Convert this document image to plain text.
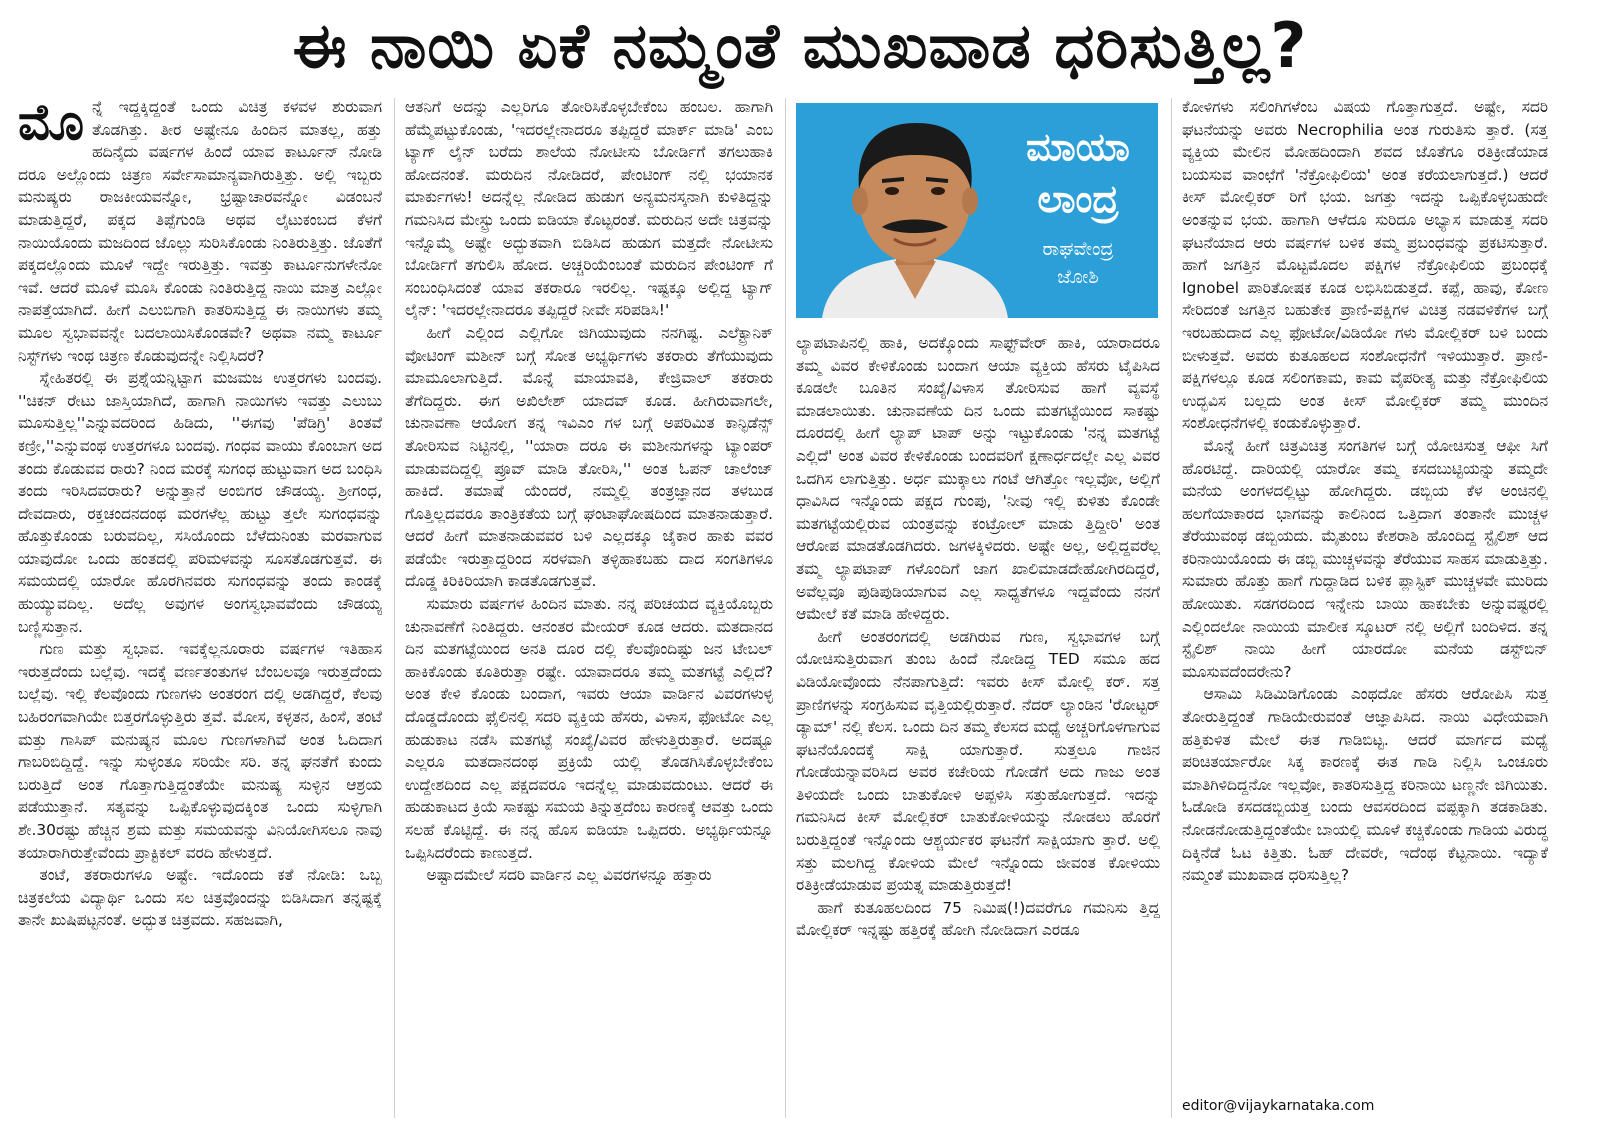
ಈ ನಾಯಿ ಏಕೆ ನಮ್ಮಂತೆ ಮುಖವಾಡ ಧರಿಸುತ್ತಿಲ್ಲ?

ಮೊನ್ನೆ ಇದ್ದಕ್ಕಿದ್ದಂತೆ ಒಂದು ವಿಚಿತ್ರ ಕಳವಳ ಶುರುವಾಗ ತೊಡಗಿತ್ತು. ತೀರ ಅಷ್ಟೇನೂ ಹಿಂದಿನ ಮಾತಲ್ಲ, ಹತ್ತು ಹದಿನೈದು ವರ್ಷಗಳ ಹಿಂದೆ ಯಾವ ಕಾರ್ಟೂನ್ ನೋಡಿ ದರೂ ಅಲ್ಲೊಂದು ಚಿತ್ರಣ ಸರ್ವೇಸಾಮಾನ್ಯವಾಗಿರುತ್ತಿತ್ತು. ಅಲ್ಲಿ ಇಬ್ಬರು ಮನುಷ್ಯರು ರಾಜಕೀಯವನ್ನೋ, ಭ್ರಷ್ಟಾಚಾರವನ್ನೋ ವಿಡಂಬನೆ ಮಾಡುತ್ತಿದ್ದರೆ, ಪಕ್ಕದ ತಿಪ್ಪೆಗುಂಡಿ ಅಥವ ಲೈಟುಕಂಬದ ಕೆಳಗೆ ನಾಯಿಯೊಂದು ಮಜದಿಂದ ಜೊಲ್ಲು ಸುರಿಸಿಕೊಂಡು ನಿಂತಿರುತ್ತಿತ್ತು. ಜೊತೆಗೆ ಪಕ್ಕದಲ್ಲೊಂದು ಮೂಳೆ ಇದ್ದೇ ಇರುತ್ತಿತ್ತು. ಇವತ್ತು ಕಾರ್ಟೂನುಗಳೇನೋ ಇವೆ. ಆದರೆ ಮೂಳೆ ಮೂಸಿ ಕೊಂಡು ನಿಂತಿರುತ್ತಿದ್ದ ನಾಯಿ ಮಾತ್ರ ಎಲ್ಲೋ ನಾಪತ್ತೆಯಾಗಿದೆ. ಹೀಗೆ ಎಲುಬಿಗಾಗಿ ಕಾತರಿಸುತ್ತಿದ್ದ ಈ ನಾಯಿಗಳು ತಮ್ಮ ಮೂಲ ಸ್ವಭಾವವನ್ನೇ ಬದಲಾಯಿಸಿಕೊಂಡವೇ? ಅಥವಾ ನಮ್ಮ ಕಾರ್ಟೂ ನಿಸ್ಟ್‌ಗಳು ಇಂಥ ಚಿತ್ರಣ ಕೊಡುವುದನ್ನೇ ನಿಲ್ಲಿಸಿದರೆ?

ಸ್ನೇಹಿತರಲ್ಲಿ ಈ ಪ್ರಶ್ನೆಯನ್ನಿಟ್ಟಾಗ ಮಜಮಜ ಉತ್ತರಗಳು ಬಂದವು. ''ಚಿಕನ್ ರೇಟು ಜಾಸ್ತಿಯಾಗಿದೆ, ಹಾಗಾಗಿ ನಾಯಿಗಳು ಇವತ್ತು ಎಲುಬು ಮೂಸುತ್ತಿಲ್ಲ''ಎನ್ನುವದರಿಂದ ಹಿಡಿದು, ''ಈಗವು 'ಪೆಡಿಗ್ರಿ' ತಿಂತವೆ ಕಣ್ರೀ,''ಎನ್ನುವಂಥ ಉತ್ತರಗಳೂ ಬಂದವು. ಗಂಧವ ವಾಯು ಕೊಂಬಾಗ ಅದ ತಂದು ಕೊಡುವವ ರಾರು? ನಿಂದ ಮರಕ್ಕೆ ಸುಗಂಧ ಹುಟ್ಟುವಾಗ ಅದ ಬಂಧಿಸಿ ತಂದು ಇರಿಸಿದವರಾರು? ಅನ್ನುತ್ತಾನೆ ಅಂಬಿಗರ ಚೌಡಯ್ಯ. ಶ್ರೀಗಂಧ, ದೇವದಾರು, ರಕ್ತಚಂದನದಂಥ ಮರಗಳೆಲ್ಲ ಹುಟ್ಟು ತ್ತಲೇ ಸುಗಂಧವನ್ನು ಹೊತ್ತುಕೊಂಡು ಬರುವದಿಲ್ಲ, ಸಸಿಯೊಂದು ಬೆಳೆದುನಿಂತು ಮರವಾಗುವ ಯಾವುದೋ ಒಂದು ಹಂತದಲ್ಲಿ ಪರಿಮಳವನ್ನು ಸೂಸತೊಡಗುತ್ತವೆ. ಈ ಸಮಯದಲ್ಲಿ ಯಾರೋ ಹೊರಗಿನವರು ಸುಗಂಧವನ್ನು ತಂದು ಕಾಂಡಕ್ಕೆ ಹುಯ್ಯುವದಿಲ್ಲ. ಅದೆಲ್ಲ ಅವುಗಳ ಅಂಗಸ್ವಭಾವವೆಂದು ಚೌಡಯ್ಯ ಬಣ್ಣಿಸುತ್ತಾನ.

ಗುಣ ಮತ್ತು ಸ್ವಭಾವ. ಇವಕ್ಕೆಲ್ಲನೂರಾರು ವರ್ಷಗಳ ಇತಿಹಾಸ ಇರುತ್ತದೆಂದು ಬಲ್ಲೆವು. ಇದಕ್ಕೆ ವರ್ಣತಂತುಗಳ ಬೆಂಬಲವೂ ಇರುತ್ತದೆಂದು ಬಲ್ಲೆವು. ಇಲ್ಲಿ ಕೆಲವೊಂದು ಗುಣಗಳು ಅಂತರಂಗ ದಲ್ಲಿ ಅಡಗಿದ್ದರೆ, ಕೆಲವು ಬಹಿರಂಗವಾಗಿಯೇ ಬಿತ್ತರಗೊಳ್ಳುತ್ತಿರು ತ್ತವೆ. ಮೋಸ, ಕಳ್ಳತನ, ಹಿಂಸೆ, ತಂಟೆ ಮತ್ತು ಗಾಸಿಪ್ ಮನುಷ್ಯನ ಮೂಲ ಗುಣಗಳಾಗಿವೆ ಅಂತ ಓದಿದಾಗ ಗಾಬರಿಬಿದ್ದಿದ್ದೆ. ಇನ್ನು ಸುಳ್ಳಂತೂ ಸರಿಯೇ ಸರಿ. ತನ್ನ ಘನತೆಗೆ ಕುಂದು ಬರುತ್ತಿದೆ ಅಂತ ಗೊತ್ತಾಗುತ್ತಿದ್ದಂತೆಯೇ ಮನುಷ್ಯ ಸುಳ್ಳಿನ ಆಶ್ರಯ ಪಡೆಯುತ್ತಾನೆ. ಸತ್ಯವನ್ನು ಒಪ್ಪಿಕೊಳ್ಳುವುದಕ್ಕಿಂತ ಒಂದು ಸುಳ್ಳಿಗಾಗಿ ಶೇ.30ರಷ್ಟು ಹೆಚ್ಚಿನ ಶ್ರಮ ಮತ್ತು ಸಮಯವನ್ನು ವಿನಿಯೋಗಿಸಲೂ ನಾವು ತಯಾರಾಗಿರುತ್ತೇವೆಂದು ಪ್ರಾಕ್ಟಿಕಲ್ ವರದಿ ಹೇಳುತ್ತದೆ.

ತಂಟೆ, ತಕರಾರುಗಳೂ ಅಷ್ಟೇ. ಇದೊಂದು ಕತೆ ನೋಡಿ: ಒಬ್ಬ ಚಿತ್ರಕಲೆಯ ವಿದ್ಯಾರ್ಥಿ ಒಂದು ಸಲ ಚಿತ್ರವೊಂದನ್ನು ಬಿಡಿಸಿದಾಗ ತನ್ನಷ್ಟಕ್ಕೆ ತಾನೇ ಖುಷಿಪಟ್ಟನಂತೆ. ಅದ್ಭುತ ಚಿತ್ರವದು. ಸಹಜವಾಗಿ,

ಆತನಿಗೆ ಅದನ್ನು ಎಲ್ಲರಿಗೂ ತೋರಿಸಿಕೊಳ್ಳಬೇಕೆಂಬ ಹಂಬಲ. ಹಾಗಾಗಿ ಹೆಮ್ಮೆಪಟ್ಟುಕೊಂಡು, 'ಇದರಲ್ಲೇನಾದರೂ ತಪ್ಪಿದ್ದರೆ ಮಾರ್ಕ್ ಮಾಡಿ' ಎಂಬ ಟ್ಯಾಗ್ ಲೈನ್ ಬರೆದು ಶಾಲೆಯ ನೋಟೀಸು ಬೋರ್ಡಿಗೆ ತಗಲುಹಾಕಿ ಹೋದನಂತೆ. ಮರುದಿನ ನೋಡಿದರೆ, ಪೇಂಟಿಂಗ್ ನಲ್ಲಿ ಭಯಾನಕ ಮಾರ್ಕುಗಳು! ಅದನ್ನೆಲ್ಲ ನೋಡಿದ ಹುಡುಗ ಅನ್ಯಮನಸ್ಕನಾಗಿ ಕುಳಿತಿದ್ದನ್ನು ಗಮನಿಸಿದ ಮೇಸ್ಟ್ರು ಒಂದು ಐಡಿಯಾ ಕೊಟ್ಟರಂತೆ. ಮರುದಿನ ಅದೇ ಚಿತ್ರವನ್ನು ಇನ್ನೊಮ್ಮೆ ಅಷ್ಟೇ ಅದ್ಭುತವಾಗಿ ಬಿಡಿಸಿದ ಹುಡುಗ ಮತ್ತದೇ ನೋಟೀಸು ಬೋರ್ಡಿಗೆ ತಗುಲಿಸಿ ಹೋದ. ಅಚ್ಚರಿಯೆಂಬಂತೆ ಮರುದಿನ ಪೇಂಟಿಂಗ್ ಗೆ ಸಂಬಂಧಿಸಿದಂತೆ ಯಾವ ತಕರಾರೂ ಇರಲಿಲ್ಲ. ಇಷ್ಟಕ್ಕೂ ಅಲ್ಲಿದ್ದ ಟ್ಯಾಗ್ ಲೈನ್: 'ಇದರಲ್ಲೇನಾದರೂ ತಪ್ಪಿದ್ದರೆ ನೀವೇ ಸರಿಪಡಿಸಿ!'

ಹೀಗೆ ಎಲ್ಲಿಂದ ಎಲ್ಲಿಗೋ ಜಿಗಿಯುವುದು ನನಗಿಷ್ಟ. ಎಲೆಕ್ಟ್ರಾನಿಕ್ ವೋಟಿಂಗ್ ಮಶೀನ್ ಬಗ್ಗೆ ಸೋತ ಅಭ್ಯರ್ಥಿಗಳು ತಕರಾರು ತೆಗೆಯುವುದು ಮಾಮೂಲಾಗುತ್ತಿದೆ. ಮೊನ್ನೆ ಮಾಯಾವತಿ, ಕೇಜ್ರಿವಾಲ್ ತಕರಾರು ತೆಗೆದಿದ್ದರು. ಈಗ ಅಖಿಲೇಶ್ ಯಾದವ್ ಕೂಡ. ಹೀಗಿರುವಾಗಲೇ, ಚುನಾವಣಾ ಆಯೋಗ ತನ್ನ ಇವಿಎಂ ಗಳ ಬಗ್ಗೆ ಅಪರಿಮಿತ ಕಾನ್ಫಿಡೆನ್ಸ್ ತೋರಿಸುವ ನಿಟ್ಟಿನಲ್ಲಿ, ''ಯಾರಾ ದರೂ ಈ ಮಶೀನುಗಳನ್ನು ಟ್ಯಾಂಪರ್ ಮಾಡುವದಿದ್ದಲ್ಲಿ ಪ್ರೂವ್ ಮಾಡಿ ತೋರಿಸಿ,'' ಅಂತ ಓಪನ್ ಚಾಲೆಂಜ್ ಹಾಕಿದೆ. ತಮಾಷೆ ಯೆಂದರೆ, ನಮ್ಮಲ್ಲಿ ತಂತ್ರಜ್ಞಾನದ ತಳಬುಡ ಗೊತ್ತಿಲ್ಲದವರೂ ತಾಂತ್ರಿಕತೆಯ ಬಗ್ಗೆ ಘಂಟಾಘೋಷದಿಂದ ಮಾತನಾಡುತ್ತಾರೆ. ಆದರೆ ಹೀಗೆ ಮಾತನಾಡುವವರ ಬಳಿ ಎಲ್ಲದಕ್ಕೂ ಜೈಕಾರ ಹಾಕು ವವರ ಪಡೆಯೇ ಇರುತ್ತಾದ್ದರಿಂದ ಸರಳವಾಗಿ ತಳ್ಳಿಹಾಕಬಹು ದಾದ ಸಂಗತಿಗಳೂ ದೊಡ್ಡ ಕಿರಿಕಿರಿಯಾಗಿ ಕಾಡತೊಡಗುತ್ತವೆ.

ಸುಮಾರು ವರ್ಷಗಳ ಹಿಂದಿನ ಮಾತು. ನನ್ನ ಪರಿಚಯದ ವ್ಯಕ್ತಿಯೊಬ್ಬರು ಚುನಾವಣೆಗೆ ನಿಂತಿದ್ದರು. ಆನಂತರ ಮೇಯರ್ ಕೂಡ ಆದರು. ಮತದಾನದ ದಿನ ಮತಗಟ್ಟೆಯಿಂದ ಅನತಿ ದೂರ ದಲ್ಲಿ ಕೆಲವೊಂದಿಷ್ಟು ಜನ ಟೇಬಲ್ ಹಾಕಿಕೊಂಡು ಕೂತಿರುತ್ತಾ ರಷ್ಟೇ. ಯಾವಾದರೂ ತಮ್ಮ ಮತಗಟ್ಟೆ ಎಲ್ಲಿದೆ? ಅಂತ ಕೇಳಿ ಕೊಂಡು ಬಂದಾಗ, ಇವರು ಆಯಾ ವಾರ್ಡಿನ ವಿವರಗಳುಳ್ಳ ದೊಡ್ಡದೊಂದು ಫೈಲಿನಲ್ಲಿ ಸದರಿ ವ್ಯಕ್ತಿಯ ಹೆಸರು, ವಿಳಾಸ, ಫೋಟೋ ಎಲ್ಲ ಹುಡುಕಾಟ ನಡೆಸಿ ಮತಗಟ್ಟೆ ಸಂಖ್ಯೆ/ವಿವರ ಹೇಳುತ್ತಿರುತ್ತಾರೆ. ಅದಷ್ಟೂ ಎಲ್ಲರೂ ಮತದಾನದಂಥ ಪ್ರಕ್ರಿಯೆ ಯಲ್ಲಿ ತೊಡಗಿಸಿಕೊಳ್ಳಬೇಕೆಂಬ ಉದ್ದೇಶದಿಂದ ಎಲ್ಲ ಪಕ್ಷದವರೂ ಇದನ್ನೆಲ್ಲ ಮಾಡುವದುಂಟು. ಆದರೆ ಈ ಹುಡುಕಾಟದ ಕ್ರಿಯೆ ಸಾಕಷ್ಟು ಸಮಯ ತಿನ್ನುತ್ತದೆಂಬ ಕಾರಣಕ್ಕೆ ಆವತ್ತು ಒಂದು ಸಲಹೆ ಕೊಟ್ಟಿದ್ದೆ. ಈ ನನ್ನ ಹೊಸ ಐಡಿಯಾ ಒಪ್ಪಿದರು. ಅಭ್ಯರ್ಥಿಯನ್ನೂ ಒಪ್ಪಿಸಿದರೆಂದು ಕಾಣುತ್ತದೆ.

ಅಷ್ಟಾದಮೇಲೆ ಸದರಿ ವಾರ್ಡಿನ ಎಲ್ಲ ವಿವರಗಳನ್ನೂ ಹತ್ತಾರು

ಮಾಯಾ
ಲಾಂದ್ರ
ರಾಘವೇಂದ್ರ
ಜೋಶಿ

ಲ್ಯಾಪಟಾಪಿನಲ್ಲಿ ಹಾಕಿ, ಅದಕ್ಕೊಂದು ಸಾಫ್ಟ್‌ವೇರ್ ಹಾಕಿ, ಯಾರಾದರೂ ತಮ್ಮ ವಿವರ ಕೇಳಿಕೊಂಡು ಬಂದಾಗ ಆಯಾ ವ್ಯಕ್ತಿಯ ಹೆಸರು ಟೈಪಿಸಿದ ಕೂಡಲೇ ಬೂತಿನ ಸಂಖ್ಯೆ/ವಿಳಾಸ ತೋರಿಸುವ ಹಾಗೆ ವ್ಯವಸ್ಥೆ ಮಾಡಲಾಯಿತು. ಚುನಾವಣೆಯ ದಿನ ಒಂದು ಮತಗಟ್ಟೆಯಿಂದ ಸಾಕಷ್ಟು ದೂರದಲ್ಲಿ ಹೀಗೆ ಲ್ಯಾಪ್ ಟಾಪ್ ಅನ್ನು ಇಟ್ಟುಕೊಂಡು 'ನನ್ನ ಮತಗಟ್ಟೆ ಎಲ್ಲಿದೆ' ಅಂತ ವಿವರ ಕೇಳಿಕೊಂಡು ಬಂದವರಿಗೆ ಕ್ಷಣಾರ್ಧದಲ್ಲೇ ಎಲ್ಲ ವಿವರ ಒದಗಿಸ ಲಾಗುತ್ತಿತ್ತು. ಅರ್ಧ ಮುಕ್ಕಾಲು ಗಂಟೆ ಆಗಿತ್ತೋ ಇಲ್ಲವೋ, ಅಲ್ಲಿಗೆ ಧಾವಿಸಿದ ಇನ್ನೊಂದು ಪಕ್ಷದ ಗುಂಪು, 'ನೀವು ಇಲ್ಲಿ ಕುಳಿತು ಕೊಂಡೇ ಮತಗಟ್ಟೆಯಲ್ಲಿರುವ ಯಂತ್ರವನ್ನು ಕಂಟ್ರೋಲ್ ಮಾಡು ತ್ತಿದ್ದೀರಿ' ಅಂತ ಆರೋಪ ಮಾಡತೊಡಗಿದರು. ಜಗಳಕ್ಕಿಳಿದರು. ಅಷ್ಟೇ ಅಲ್ಲ, ಅಲ್ಲಿದ್ದವರೆಲ್ಲ ತಮ್ಮ ಲ್ಯಾಪಟಾಪ್ ಗಳೊಂದಿಗೆ ಜಾಗ ಖಾಲಿಮಾಡದೇಹೋಗಿರದಿದ್ದರೆ, ಅವೆಲ್ಲವೂ ಪುಡಿಪುಡಿಯಾಗುವ ಎಲ್ಲ ಸಾಧ್ಯತೆಗಳೂ ಇದ್ದವೆಂದು ನನಗೆ ಆಮೇಲೆ ಕತೆ ಮಾಡಿ ಹೇಳಿದ್ದರು.

ಹೀಗೆ ಅಂತರಂಗದಲ್ಲಿ ಅಡಗಿರುವ ಗುಣ, ಸ್ವಭಾವಗಳ ಬಗ್ಗೆ ಯೋಚಿಸುತ್ತಿರುವಾಗ ತುಂಬ ಹಿಂದೆ ನೋಡಿದ್ದ TED ಸಮೂ ಹದ ವಿಡಿಯೋವೊಂದು ನೆನಪಾಗುತ್ತಿದೆ: ಇವರು ಕೀಸ್ ಮೋಲ್ಲಿ ಕರ್. ಸತ್ತ ಪ್ರಾಣಿಗಳನ್ನು ಸಂಗ್ರಹಿಸುವ ವೃತ್ತಿಯಲ್ಲಿರುತ್ತಾರೆ. ನೆದರ್ ಲ್ಯಾಂಡಿನ 'ರೋಟ್ಟರ್ ಡ್ಯಾಮ್' ನಲ್ಲಿ ಕೆಲಸ. ಒಂದು ದಿನ ತಮ್ಮ ಕೆಲಸದ ಮಧ್ಯೆ ಅಚ್ಚರಿಗೊಳಗಾಗುವ ಘಟನೆಯೊಂದಕ್ಕೆ ಸಾಕ್ಷಿ ಯಾಗುತ್ತಾರೆ. ಸುತ್ತಲೂ ಗಾಜಿನ ಗೋಡೆಯನ್ನಾವರಿಸಿದ ಅವರ ಕಚೇರಿಯ ಗೋಡೆಗೆ ಅದು ಗಾಜು ಅಂತ ತಿಳಿಯದೇ ಒಂದು ಬಾತುಕೋಳಿ ಅಪ್ಪಳಿಸಿ ಸತ್ತುಹೋಗುತ್ತದೆ. ಇದನ್ನು ಗಮನಿಸಿದ ಕೀಸ್ ಮೋಲ್ಲಿಕರ್ ಬಾತುಕೋಳಿಯನ್ನು ನೋಡಲು ಹೊರಗೆ ಬರುತ್ತಿದ್ದಂತೆ ಇನ್ನೊಂದು ಆಶ್ಚರ್ಯಕರ ಘಟನೆಗೆ ಸಾಕ್ಷಿಯಾಗು ತ್ತಾರೆ. ಅಲ್ಲಿ ಸತ್ತು ಮಲಗಿದ್ದ ಕೋಳಿಯ ಮೇಲೆ ಇನ್ನೊಂದು ಜೀವಂತ ಕೋಳಿಯು ರತಿಕ್ರೀಡೆಯಾಡುವ ಪ್ರಯತ್ನ ಮಾಡುತ್ತಿರುತ್ತದೆ!

ಹಾಗೆ ಕುತೂಹಲದಿಂದ 75 ನಿಮಿಷ(!)ದವರೆಗೂ ಗಮನಿಸು ತ್ತಿದ್ದ ಮೋಲ್ಲಿಕರ್ ಇನ್ನಷ್ಟು ಹತ್ತಿರಕ್ಕೆ ಹೋಗಿ ನೋಡಿದಾಗ ಎರಡೂ

ಕೋಳಿಗಳು ಸಲಿಂಗಿಗಳೆಂಬ ವಿಷಯ ಗೊತ್ತಾಗುತ್ತದೆ. ಅಷ್ಟೇ, ಸದರಿ ಘಟನೆಯನ್ನು ಅವರು Necrophilia ಅಂತ ಗುರುತಿಸು ತ್ತಾರೆ. (ಸತ್ತ ವ್ಯಕ್ತಿಯ ಮೇಲಿನ ಮೋಹದಿಂದಾಗಿ ಶವದ ಜೊತೆಗೂ ರತಿಕ್ರೀಡೆಯಾಡ ಬಯಸುವ ವಾಂಛೆಗೆ 'ನೆಕ್ರೋಫಿಲಿಯ' ಅಂತ ಕರೆಯಲಾಗುತ್ತದೆ.) ಆದರೆ ಕೀಸ್ ಮೋಲ್ಲಿಕರ್ ರಿಗೆ ಭಯ. ಜಗತ್ತು ಇದನ್ನು ಒಪ್ಪಿಕೊಳ್ಳಬಹುದೇ ಅಂತನ್ನುವ ಭಯ. ಹಾಗಾಗಿ ಆಳೆದೂ ಸುರಿದೂ ಅಭ್ಯಾಸ ಮಾಡುತ್ತ ಸದರಿ ಘಟನೆಯಾದ ಆರು ವರ್ಷಗಳ ಬಳಿಕ ತಮ್ಮ ಪ್ರಬಂಧವನ್ನು ಪ್ರಕಟಿಸುತ್ತಾರೆ. ಹಾಗೆ ಜಗತ್ತಿನ ಮೊಟ್ಟಮೊದಲ ಪಕ್ಷಿಗಳ ನೆಕ್ರೋಫಿಲಿಯ ಪ್ರಬಂಧಕ್ಕೆ Ignobel ಪಾರಿತೋಷಕ ಕೂಡ ಲಭಿಸಿಬಿಡುತ್ತದೆ. ಕಪ್ಪೆ, ಹಾವು, ಕೋಣ ಸೇರಿದಂತೆ ಜಗತ್ತಿನ ಬಹುತೇಕ ಪ್ರಾಣಿ-ಪಕ್ಷಿಗಳ ವಿಚಿತ್ರ ನಡವಳಿಕೆಗಳ ಬಗ್ಗೆ ಇರಬಹುದಾದ ಎಲ್ಲ ಫೋಟೋ/ವಿಡಿಯೋ ಗಳು ಮೋಲ್ಲಿಕರ್ ಬಳಿ ಬಂದು ಬೀಳುತ್ತವೆ. ಅವರು ಕುತೂಹಲದ ಸಂಶೋಧನೆಗೆ ಇಳಿಯುತ್ತಾರೆ. ಪ್ರಾಣಿ-ಪಕ್ಷಿಗಳಲ್ಲೂ ಕೂಡ ಸಲಿಂಗಕಾಮ, ಕಾಮ ವೈಪರೀತ್ಯ ಮತ್ತು ನೆಕ್ರೋಫಿಲಿಯ ಉದ್ಭವಿಸ ಬಲ್ಲದು ಅಂತ ಕೀಸ್ ಮೋಲ್ಲಿಕರ್ ತಮ್ಮ ಮುಂದಿನ ಸಂಶೋಧನೆಗಳಲ್ಲಿ ಕಂಡುಕೊಳ್ಳುತ್ತಾರೆ.

ಮೊನ್ನೆ ಹೀಗೆ ಚಿತ್ರವಿಚಿತ್ರ ಸಂಗತಿಗಳ ಬಗ್ಗೆ ಯೋಚಿಸುತ್ತ ಆಫೀ ಸಿಗೆ ಹೊರಟಿದ್ದೆ. ದಾರಿಯಲ್ಲಿ ಯಾರೋ ತಮ್ಮ ಕಸದಬುಟ್ಟಿಯನ್ನು ತಮ್ಮದೇ ಮನೆಯ ಅಂಗಳದಲ್ಲಿಟ್ಟು ಹೋಗಿದ್ದರು. ಡಬ್ಬಿಯ ಕೆಳ ಅಂಚಿನಲ್ಲಿ ಹಲಗೆಯಾಕಾರದ ಭಾಗವನ್ನು ಕಾಲಿನಿಂದ ಒತ್ತಿದಾಗ ತಂತಾನೇ ಮುಚ್ಚಳ ತೆರೆಯುವಂಥ ಡಬ್ಬಿಯದು. ಮೈತುಂಬ ಕೇಶರಾಶಿ ಹೊಂದಿದ್ದ ಸ್ಟೈಲಿಶ್ ಆದ ಕರಿನಾಯಿಯೊಂದು ಈ ಡಬ್ಬಿ ಮುಚ್ಚಳವನ್ನು ತೆರೆಯುವ ಸಾಹಸ ಮಾಡುತ್ತಿತ್ತು. ಸುಮಾರು ಹೊತ್ತು ಹಾಗೆ ಗುದ್ದಾಡಿದ ಬಳಿಕ ಪ್ಲಾಸ್ಟಿಕ್ ಮುಚ್ಚಳವೇ ಮುರಿದು ಹೋಯಿತು. ಸಡಗರದಿಂದ ಇನ್ನೇನು ಬಾಯಿ ಹಾಕಬೇಕು ಅನ್ನುವಷ್ಟರಲ್ಲಿ ಎಲ್ಲಿಂದಲೋ ನಾಯಿಯ ಮಾಲೀಕ ಸ್ಕೂಟರ್ ನಲ್ಲಿ ಅಲ್ಲಿಗೆ ಬಂದಿಳಿದ. ತನ್ನ ಸ್ಟೈಲಿಶ್ ನಾಯಿ ಹೀಗೆ ಯಾರದೋ ಮನೆಯ ಡಸ್ಟ್‌ಬಿನ್ ಮೂಸುವದೆಂದರೇನು?

ಆಸಾಮಿ ಸಿಡಿಮಿಡಿಗೊಂಡು ಎಂಥದೋ ಹೆಸರು ಆರೋಪಿಸಿ ಸುತ್ತ ತೋರುತ್ತಿದ್ದಂತೆ ಗಾಡಿಯೇರುವಂತೆ ಆಜ್ಞಾಪಿಸಿದ. ನಾಯಿ ವಿಧೇಯವಾಗಿ ಹತ್ತಿಕುಳಿತ ಮೇಲೆ ಈತ ಗಾಡಿಬಿಟ್ಟ. ಆದರೆ ಮಾರ್ಗದ ಮಧ್ಯೆ ಪರಿಚಿತರ್ಯಾರೋ ಸಿಕ್ಕ ಕಾರಣಕ್ಕೆ ಈತ ಗಾಡಿ ನಿಲ್ಲಿಸಿ ಒಂಚೂರು ಮಾತಿಗಿಳಿದಿದ್ದನೋ ಇಲ್ಲವೋ, ಕಾತರಿಸುತ್ತಿದ್ದ ಕರಿನಾಯಿ ಟಣ್ಣನೇ ಜಿಗಿಯಿತು. ಓಡೋಡಿ ಕಸದಡಬ್ಬಿಯತ್ತ ಬಂದು ಆವಸರದಿಂದ ವಪ್ಪಕ್ಕಾಗಿ ತಡಕಾಡಿತು. ನೋಡನೋಡುತ್ತಿದ್ದಂತೆಯೇ ಬಾಯಲ್ಲಿ ಮೂಳೆ ಕಚ್ಚಿಕೊಂಡು ಗಾಡಿಯ ವಿರುದ್ಧ ದಿಕ್ಕಿನೆಡೆ ಓಟ ಕಿತ್ತಿತು. ಓಹ್ ದೇವರೇ, ಇದೆಂಥ ಕೆಟ್ಟನಾಯಿ. ಇದ್ಯಾಕೆ ನಮ್ಮಂತೆ ಮುಖವಾಡ ಧರಿಸುತ್ತಿಲ್ಲ?

editor@vijaykarnataka.com
